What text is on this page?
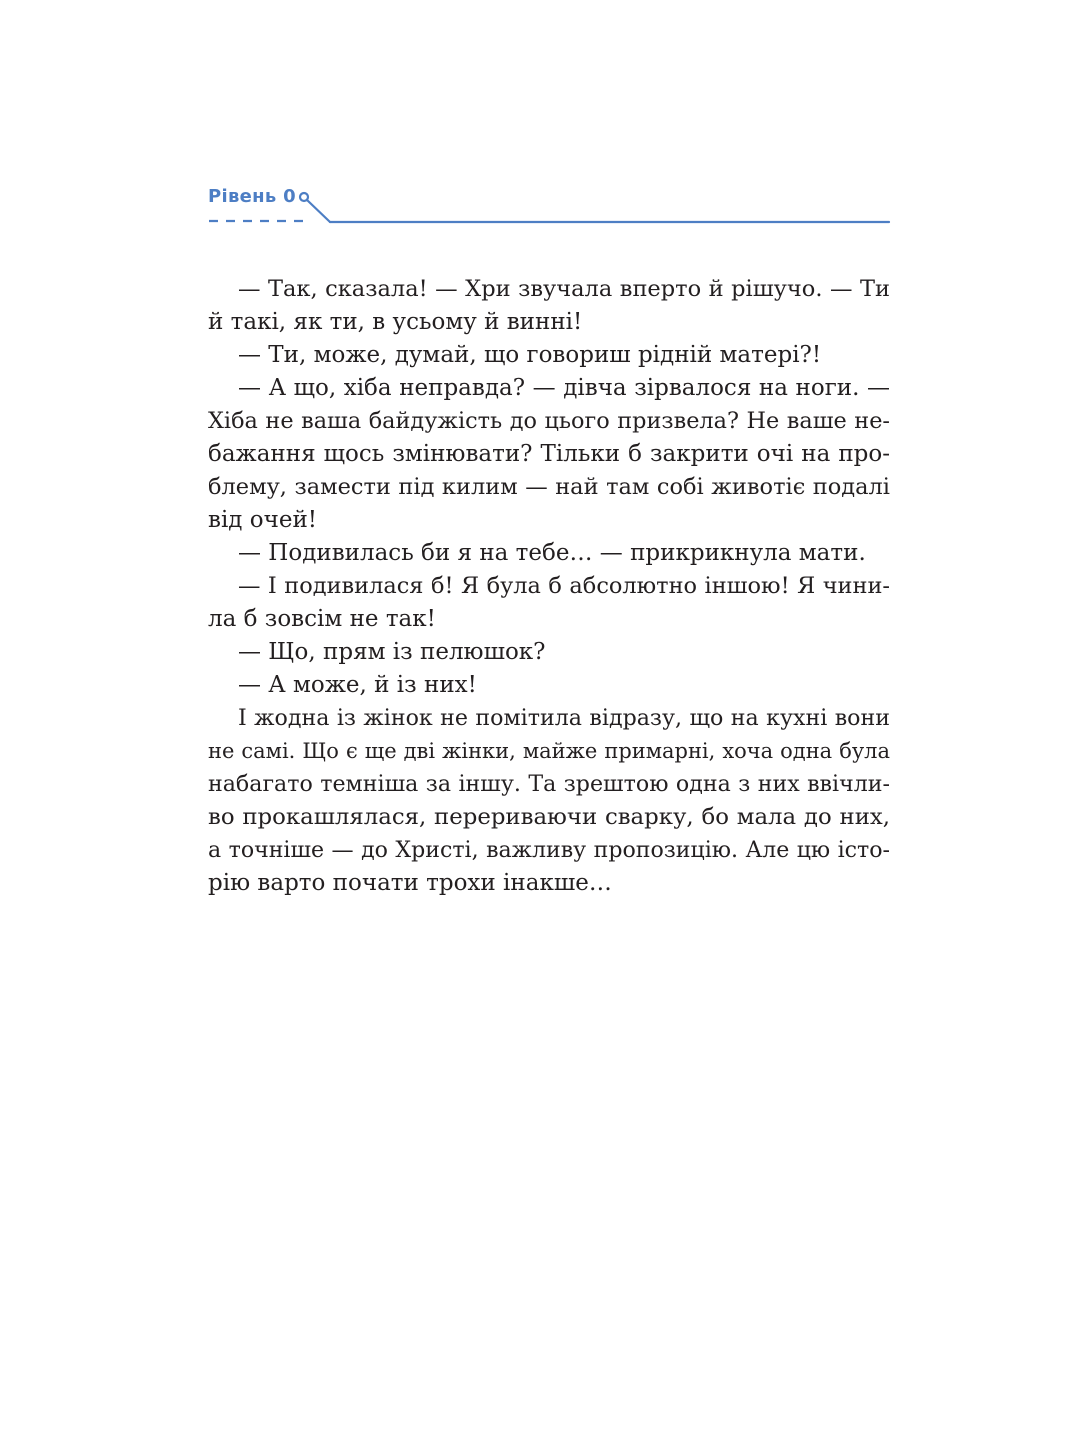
Рівень 0
— Так, сказала! — Хри звучала вперто й рішучо. — Ти
й такі, як ти, в усьому й винні!
— Ти, може, думай, що говориш рідній матері?!
— А що, хіба неправда? — дівча зірвалося на ноги. —
Хіба не ваша байдужість до цього призвела? Не ваше не-
бажання щось змінювати? Тільки б закрити очі на про-
блему, замести під килим — най там собі животіє подалі
від очей!
— Подивилась би я на тебе… — прикрикнула мати.
— І подивилася б! Я була б абсолютно іншою! Я чини-
ла б зовсім не так!
— Що, прям із пелюшок?
— А може, й із них!
І жодна із жінок не помітила відразу, що на кухні вони
не самі. Що є ще дві жінки, майже примарні, хоча одна була
набагато темніша за іншу. Та зрештою одна з них ввічли-
во прокашлялася, перериваючи сварку, бо мала до них,
а точніше — до Христі, важливу пропозицію. Але цю істо-
рію варто почати трохи інакше…
